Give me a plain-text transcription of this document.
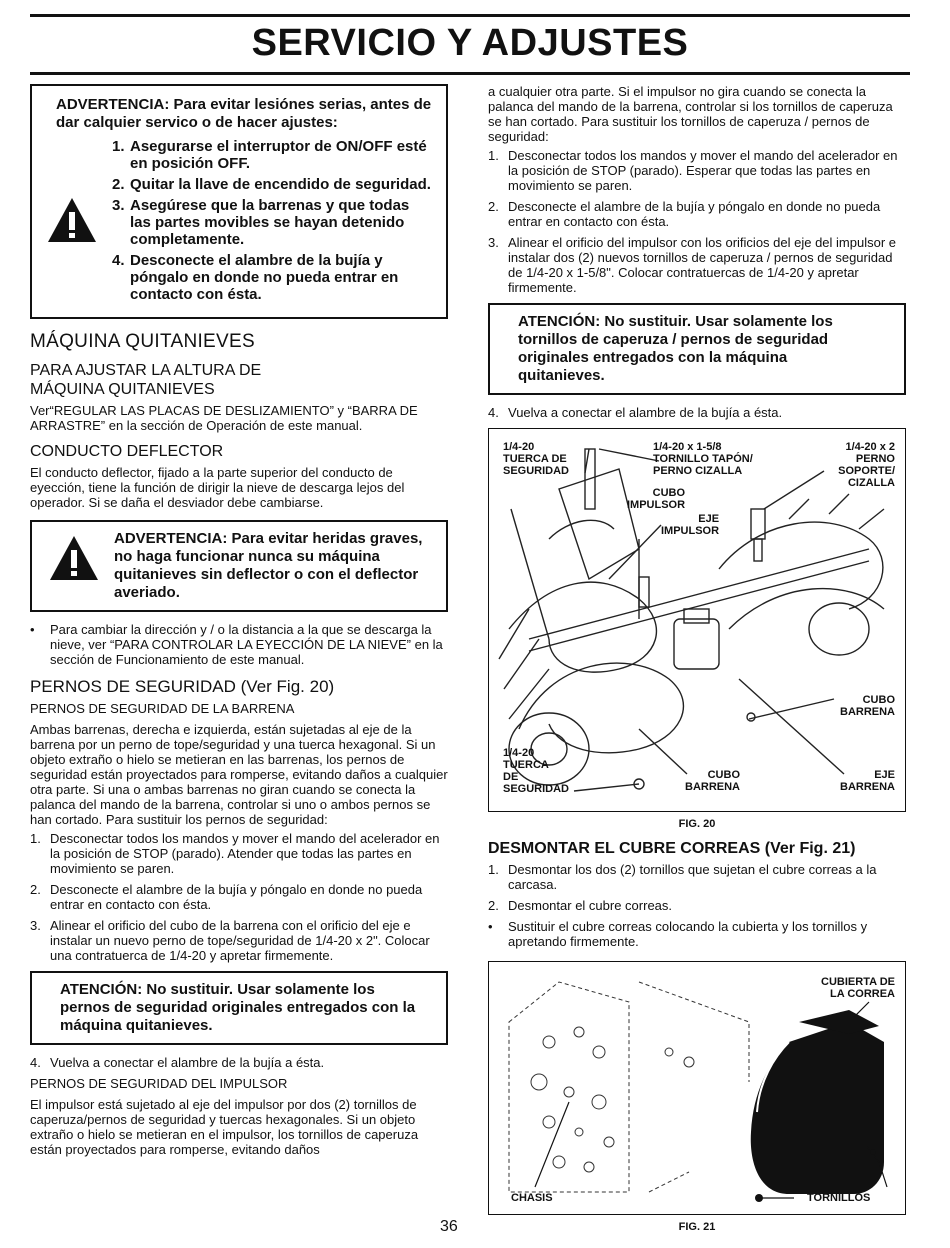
SERVICIO Y ADJUSTES
ADVERTENCIA: Para evitar lesiónes serias, antes de dar calquier servico o de hacer ajustes:
1. Asegurarse el interruptor de ON/OFF esté en posición OFF.
2. Quitar la llave de encendido de seguridad.
3. Asegúrese que la barrenas y que todas las partes movibles se hayan detenido completamente.
4. Desconecte el alambre de la bujía y póngalo en donde no pueda entrar en contacto con ésta.
MÁQUINA QUITANIEVES
PARA AJUSTAR LA ALTURA DE MÁQUINA QUITANIEVES

Ver“REGULAR LAS PLACAS DE DESLIZAMIENTO” y “BARRA DE ARRASTRE” en la sección de Operación de este manual.

CONDUCTO DEFLECTOR

El conducto deflector, fijado a la parte superior del conducto de eyección, tiene la función de dirigir la nieve de descarga lejos del operador. Si se daña el desviador debe cambiarse.

ADVERTENCIA: Para evitar heridas graves, no haga funcionar nunca su máquina quitanieves sin deflector o con el deflector averiado.
•	Para cambiar la dirección y / o la distancia a la que se descarga la nieve, ver “PARA CONTROLAR LA EYECCIÓN DE LA NIEVE” en la sección de Funcionamiento de este manual.
PERNOS DE SEGURIDAD (Ver Fig. 20)

PERNOS DE SEGURIDAD DE LA BARRENA

Ambas barrenas, derecha e izquierda, están sujetadas al eje de la barrena por un perno de tope/seguridad y una tuerca hexagonal. Si un objeto extraño o hielo se metieran en las barrenas, los pernos de seguridad están proyectados para romperse, evitando daños a cualquier otra parte. Si una o ambas barrenas no giran cuando se conecta la palanca del mando de la barrena, controlar si uno o ambos pernos se han cortado. Para sustituir los pernos de seguridad:

1. Desconectar todos los mandos y mover el mando del acelerador en la posición de STOP (parado). Atender que todas las partes en movimiento se paren.
2. Desconecte el alambre de la bujía y póngalo en donde no pueda entrar en contacto con ésta.
3. Alinear el orificio del cubo de la barrena con el orificio del eje e instalar un nuevo perno de tope/seguridad de 1/4-20 x 2". Colocar una contratuerca de 1/4-20 y apretar firmemente.
ATENCIÓN: No sustituir. Usar solamente los pernos de seguridad originales entregados con la máquina quitanieves.
4. Vuelva a conectar el alambre de la bujía a ésta.

PERNOS DE SEGURIDAD DEL IMPULSOR

El impulsor está sujetado al eje del impulsor por dos (2) tornillos de caperuza/pernos de seguridad y tuercas hexagonales. Si un objeto extraño o hielo se metieran en el impulsor, los tornillos de caperuza están proyectados para romperse, evitando daños

a cualquier otra parte. Si el impulsor no gira cuando se conecta la palanca del mando de la barrena, controlar si los tornillos de caperuza se han cortado. Para sustituir los tornillos de caperuza / pernos de seguridad:

1. Desconectar todos los mandos y mover el mando del acelerador en la posición de STOP (parado). Esperar que todas las partes en movimiento se paren.
2. Desconecte el alambre de la bujía y póngalo en donde no pueda entrar en contacto con ésta.
3. Alinear el orificio del impulsor con los orificios del eje del impulsor e instalar dos (2) nuevos tornillos de caperuza / pernos de seguridad de 1/4-20 x 1-5/8". Colocar contratuercas de 1/4-20 y apretar firmemente.
ATENCIÓN: No sustituir. Usar solamente los tornillos de caperuza / pernos de seguridad originales entregados con la máquina quitanieves.
4. Vuelva a conectar el alambre de la bujía a ésta.
1/4-20
TUERCA DE
SEGURIDAD
1/4-20 x 1-5/8
TORNILLO TAPÓN/
PERNO CIZALLA
1/4-20 x 2
PERNO
SOPORTE/
CIZALLA
CUBO
IMPULSOR
EJE
IMPULSOR
CUBO
BARRENA
1/4-20
TUERCA
DE
SEGURIDAD
CUBO
BARRENA
EJE
BARRENA
FIG. 20
DESMONTAR EL CUBRE CORREAS (Ver Fig. 21)
1. Desmontar los dos (2) tornillos que sujetan el cubre correas a la carcasa.
2. Desmontar el cubre correas.
•	Sustituir el cubre correas colocando la cubierta y los tornillos y apretando firmemente.
CUBIERTA DE
LA CORREA
CHASIS	TORNILLOS
FIG. 21
36
